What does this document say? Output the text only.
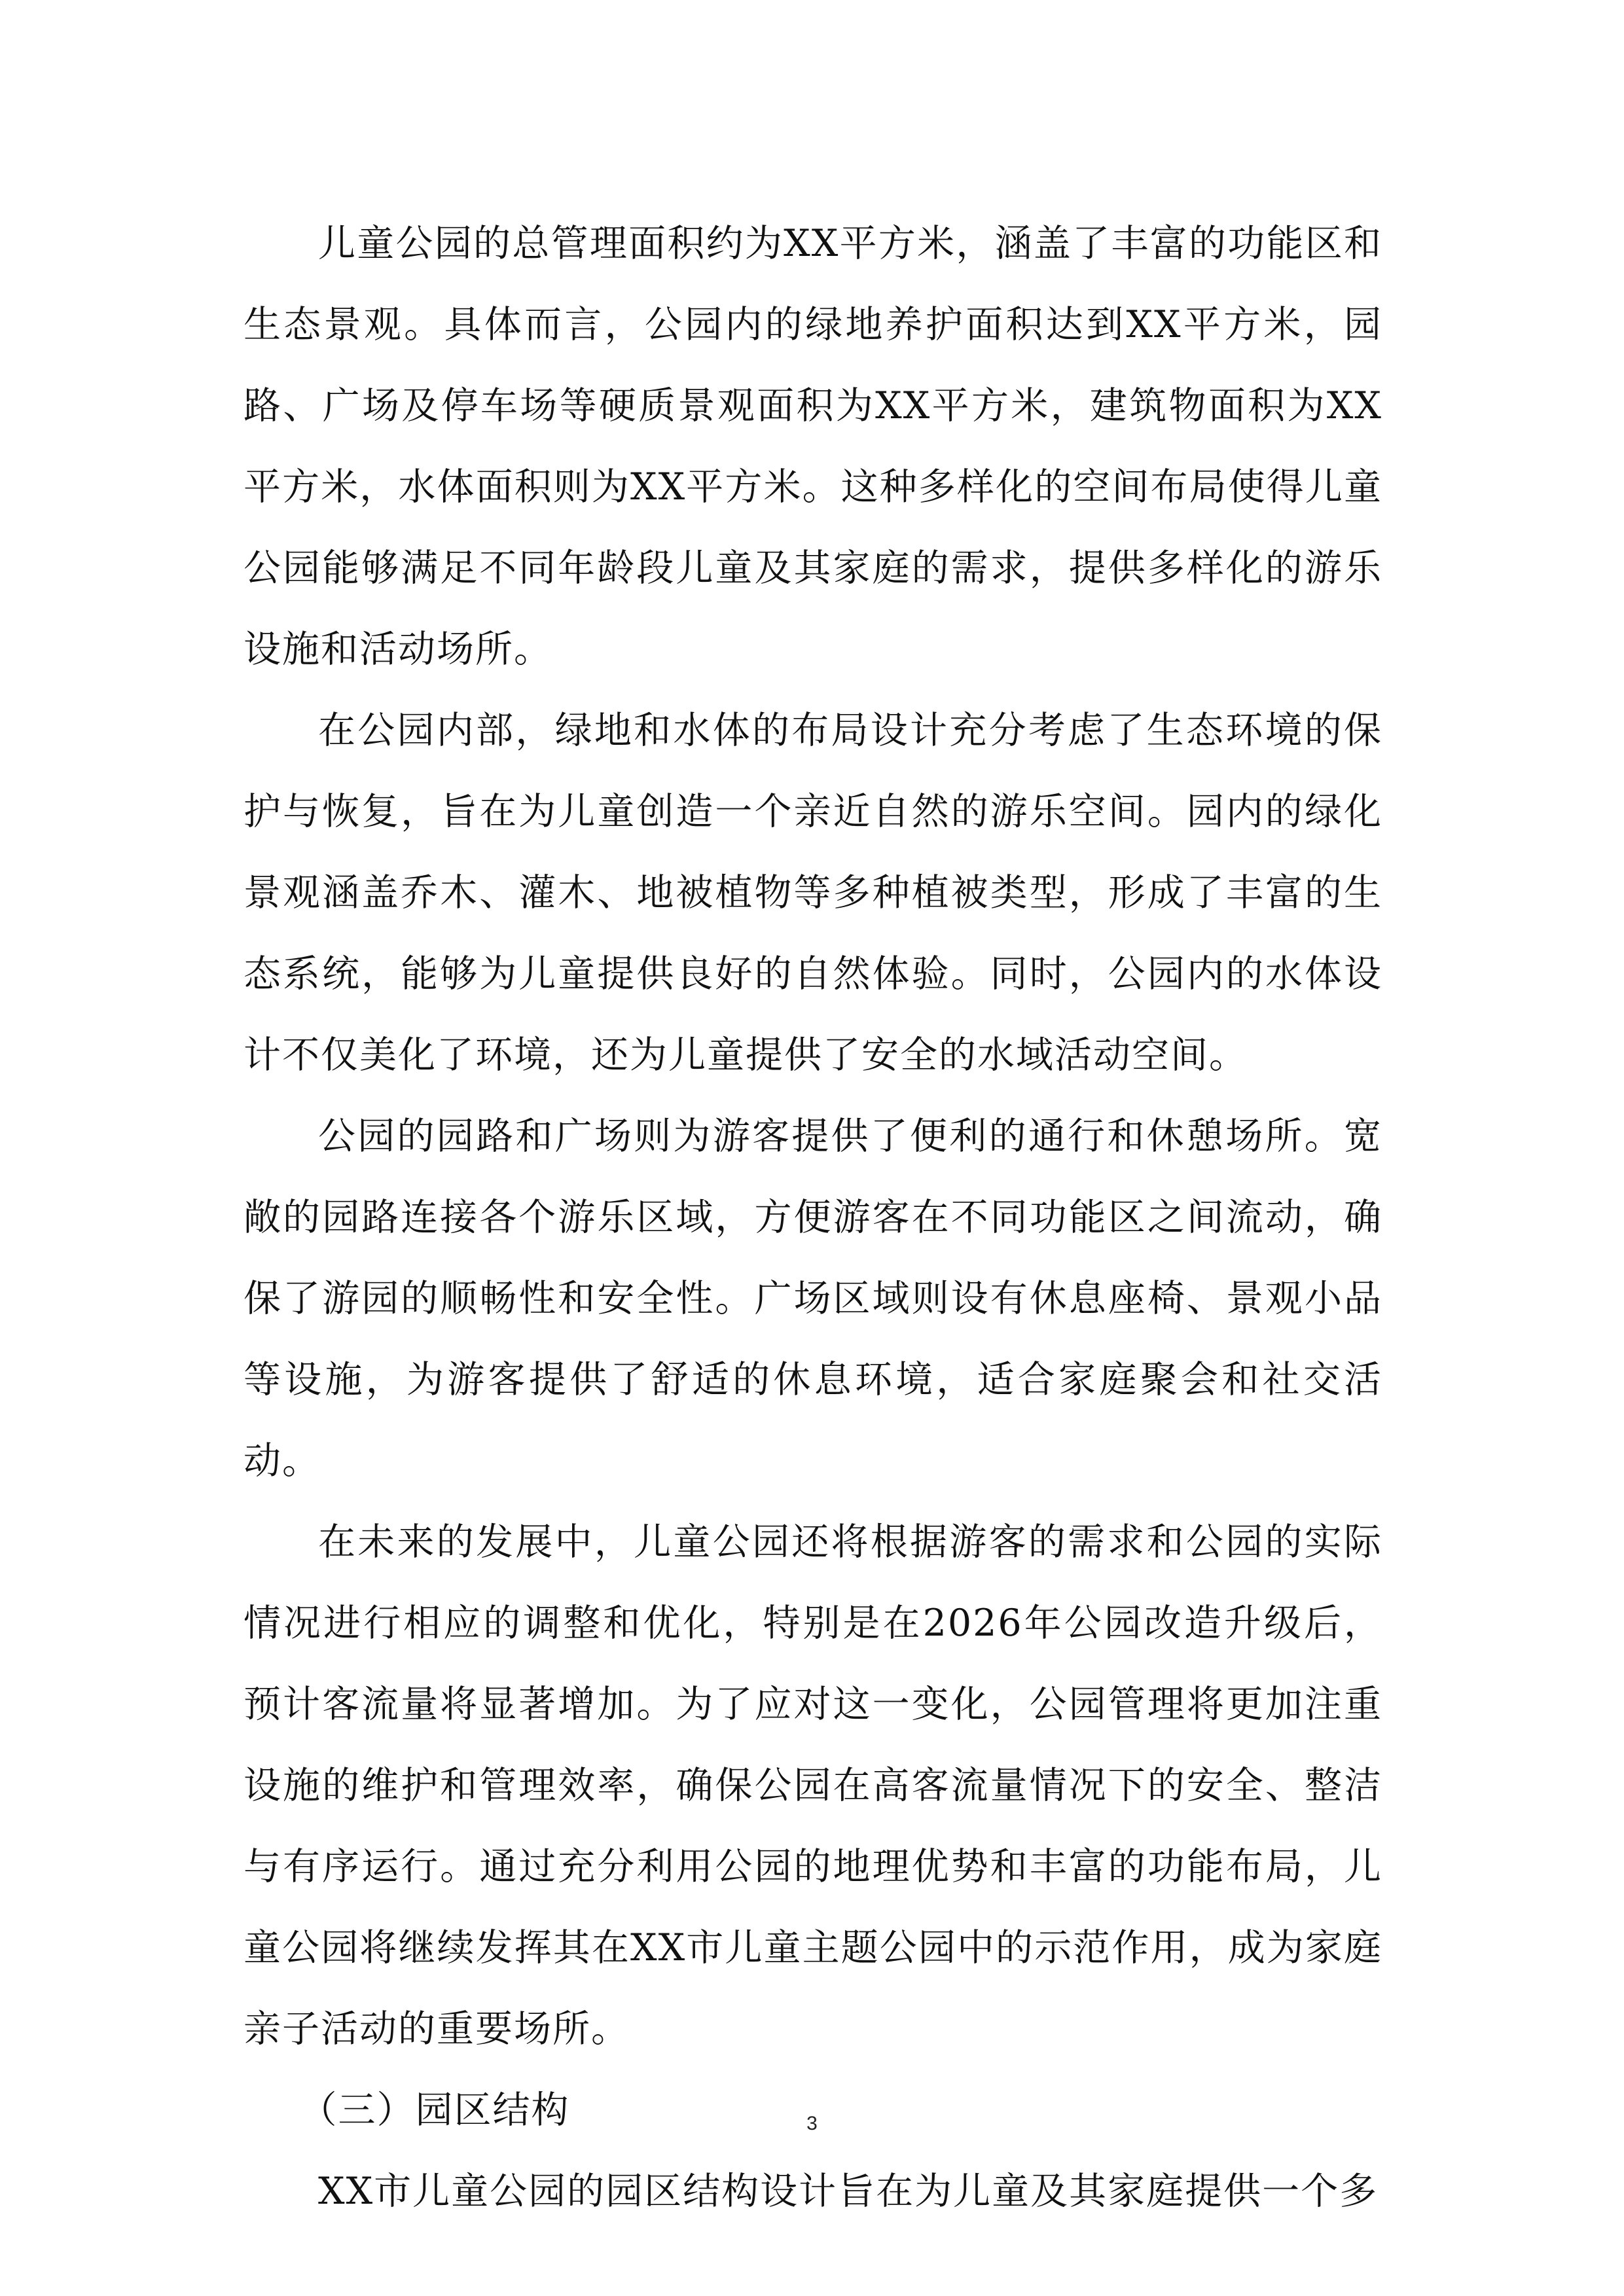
儿童公园的总管理面积约为XX平方米，涵盖了丰富的功能区和生态景观。具体而言，公园内的绿地养护面积达到XX平方米，园路、广场及停车场等硬质景观面积为XX平方米，建筑物面积为XX平方米，水体面积则为XX平方米。这种多样化的空间布局使得儿童公园能够满足不同年龄段儿童及其家庭的需求，提供多样化的游乐设施和活动场所。

在公园内部，绿地和水体的布局设计充分考虑了生态环境的保护与恢复，旨在为儿童创造一个亲近自然的游乐空间。园内的绿化景观涵盖乔木、灌木、地被植物等多种植被类型，形成了丰富的生态系统，能够为儿童提供良好的自然体验。同时，公园内的水体设计不仅美化了环境，还为儿童提供了安全的水域活动空间。

公园的园路和广场则为游客提供了便利的通行和休憩场所。宽敞的园路连接各个游乐区域，方便游客在不同功能区之间流动，确保了游园的顺畅性和安全性。广场区域则设有休息座椅、景观小品等设施，为游客提供了舒适的休息环境，适合家庭聚会和社交活动。

在未来的发展中，儿童公园还将根据游客的需求和公园的实际情况进行相应的调整和优化，特别是在2026年公园改造升级后，预计客流量将显著增加。为了应对这一变化，公园管理将更加注重设施的维护和管理效率，确保公园在高客流量情况下的安全、整洁与有序运行。通过充分利用公园的地理优势和丰富的功能布局，儿童公园将继续发挥其在XX市儿童主题公园中的示范作用，成为家庭亲子活动的重要场所。

（三）园区结构

XX市儿童公园的园区结构设计旨在为儿童及其家庭提供一个多

3
